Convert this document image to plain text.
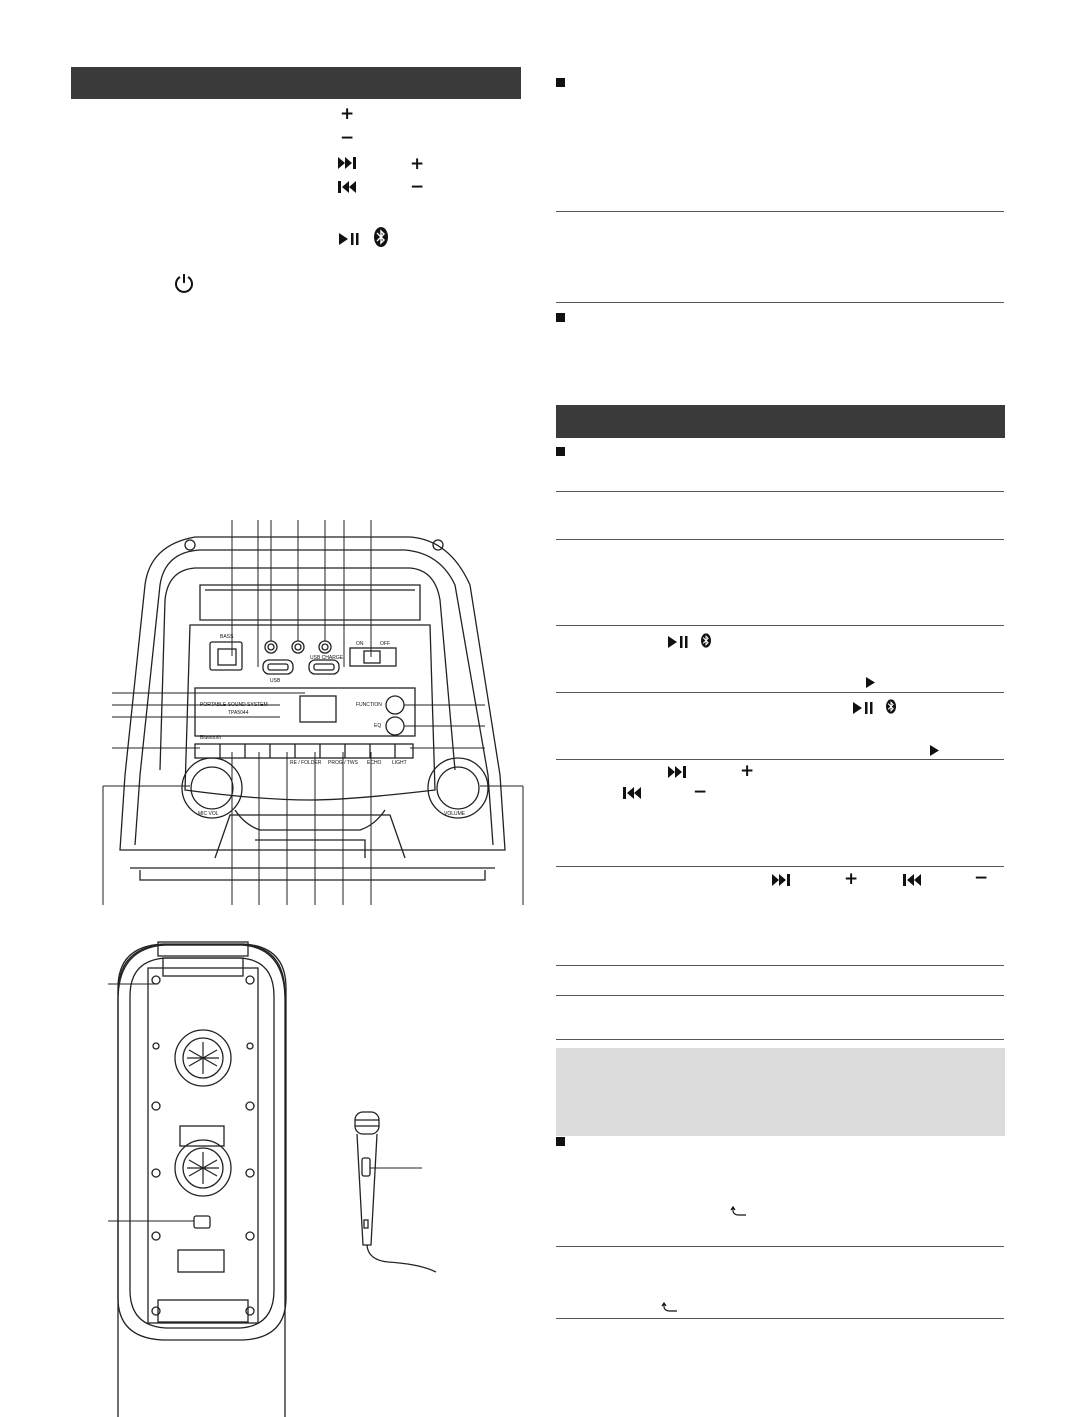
+
−
+
−
BASS
USB
USB CHARGE
ON	OFF
PORTABLE SOUND SYSTEM
TPA5044
FUNCTION
EQ
Bluetooth
RE / FOLDER PROG / TWS ECHO LIGHT
MIC VOL	VOLUME
+
−
+	−
